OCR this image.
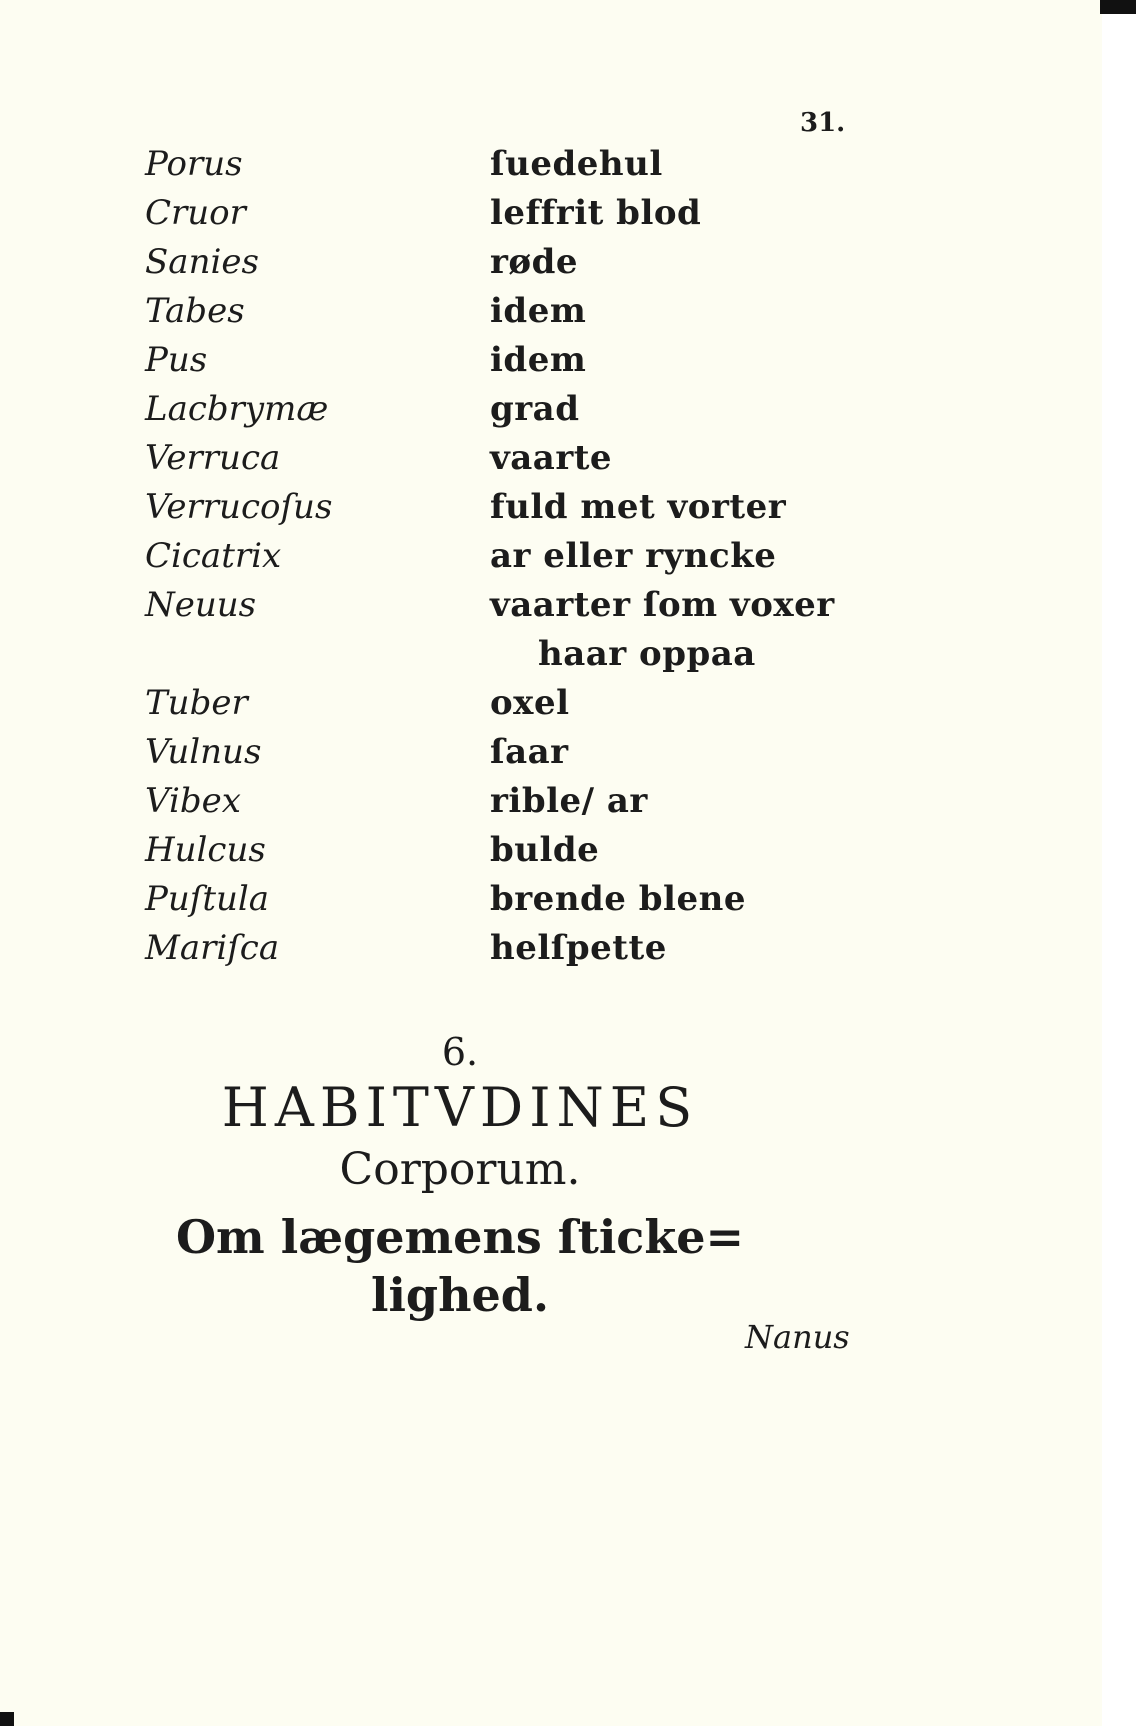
31.
Porus	ſuedehul
Cruor	leffrit blod
Sanies	røde
Tabes	idem
Pus	idem
Lacbrymæ	grad
Verruca	vaarte
Verrucoſus	fuld met vorter
Cicatrix	ar eller rynckе
Neuus	vaarter ſom voxer
haar oppaa
Tuber	oxel
Vulnus	ſaar
Vibex	rible/ ar
Hulcus	bulde
Puſtula	brende blene
Mariſca	helſpette
6.
HABITVDINES
Corporum.
Om lægemens ſticke=
lighed.
Nanus
